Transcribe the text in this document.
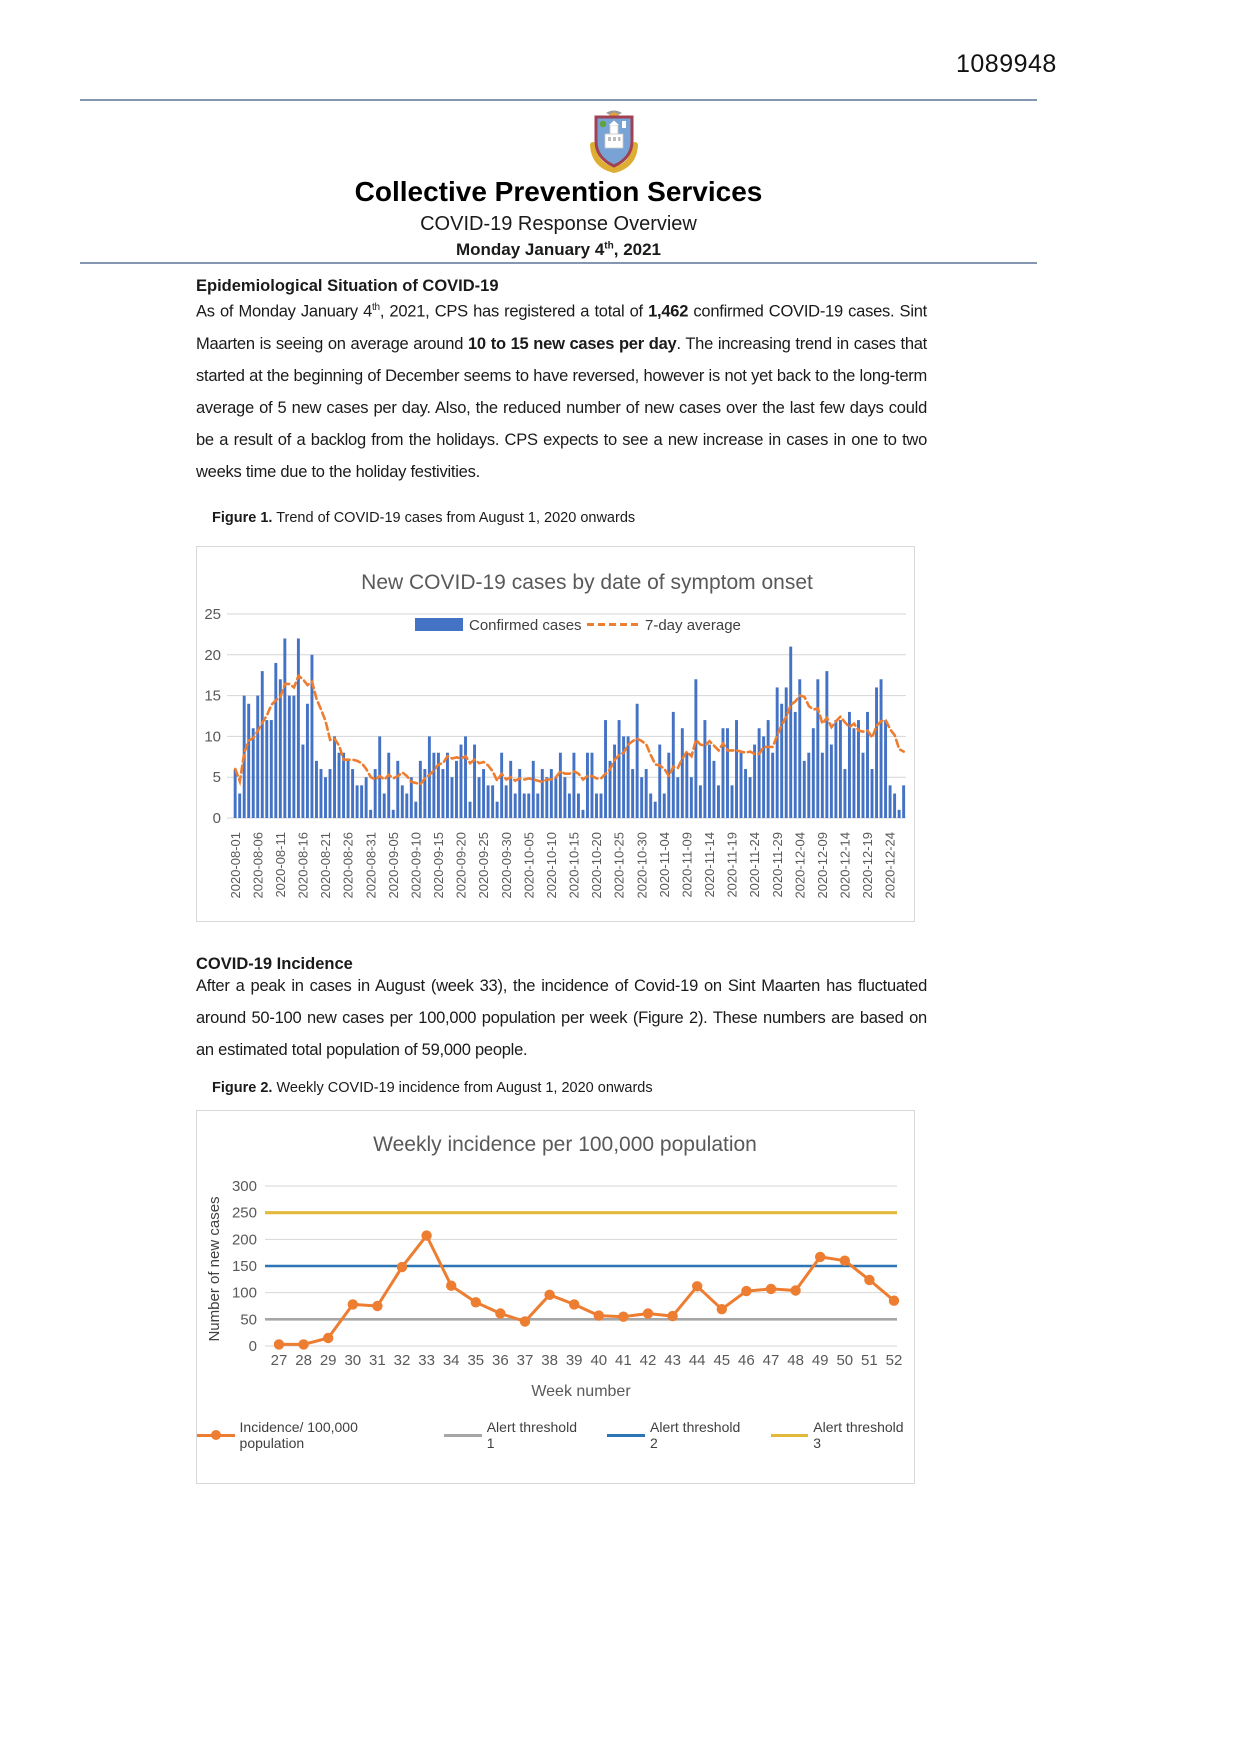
1089948
Collective Prevention Services
COVID-19 Response Overview
Monday January 4th, 2021
Epidemiological Situation of COVID-19

As of Monday January 4th, 2021, CPS has registered a total of 1,462 confirmed COVID-19 cases. Sint Maarten is seeing on average around 10 to 15 new cases per day. The increasing trend in cases that started at the beginning of December seems to have reversed, however is not yet back to the long-term average of 5 new cases per day. Also, the reduced number of new cases over the last few days could be a result of a backlog from the holidays. CPS expects to see a new increase in cases in one to two weeks time due to the holiday festivities.

Figure 1. Trend of COVID-19 cases from August 1, 2020 onwards

0
5
10
15
20
25
New COVID-19 cases by date of symptom onset
Confirmed cases	7-day average
2020-08-01 2020-08-06 2020-08-11 2020-08-16 2020-08-21 2020-08-26 2020-08-31 2020-09-05 2020-09-10 2020-09-15 2020-09-20 2020-09-25 2020-09-30 2020-10-05 2020-10-10 2020-10-15 2020-10-20 2020-10-25 2020-10-30 2020-11-04 2020-11-09 2020-11-14 2020-11-19 2020-11-24 2020-11-29 2020-12-04 2020-12-09 2020-12-14 2020-12-19 2020-12-24
COVID-19 Incidence

After a peak in cases in August (week 33), the incidence of Covid-19 on Sint Maarten has fluctuated around 50-100 new cases per 100,000 population per week (Figure 2). These numbers are based on an estimated total population of 59,000 people.

Figure 2. Weekly COVID-19 incidence from August 1, 2020 onwards

Weekly incidence per 100,000 population
Number of new cases
0
50
100
150
200
250
300
27 28 29 30 31 32 33 34 35 36 37 38 39 40 41 42 43 44 45 46 47 48 49 50 51 52
Week number
Incidence/ 100,000 population
Alert threshold 1
Alert threshold 2
Alert threshold 3
